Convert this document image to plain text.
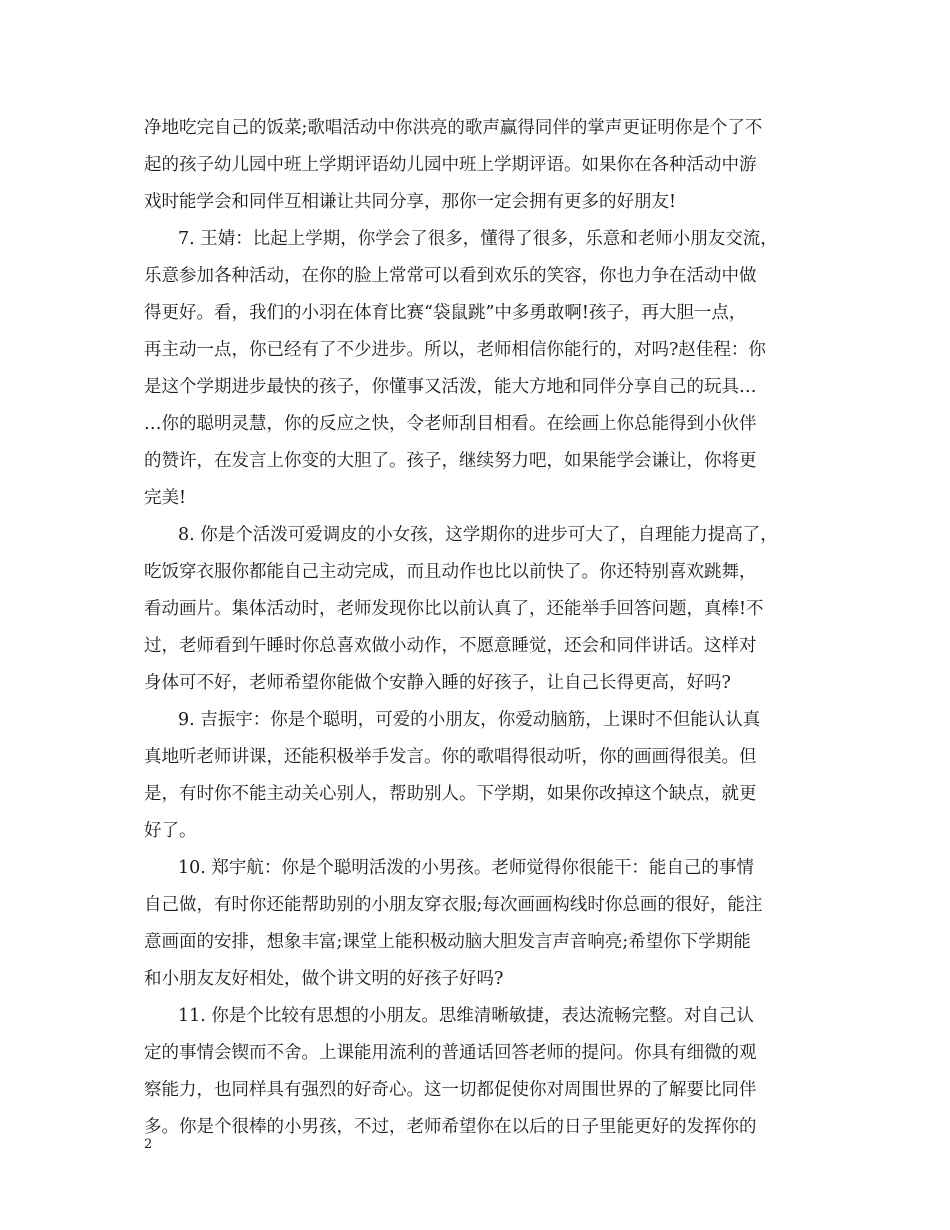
净地吃完自己的饭菜;歌唱活动中你洪亮的歌声赢得同伴的掌声更证明你是个了不
起的孩子幼儿园中班上学期评语幼儿园中班上学期评语。如果你在各种活动中游
戏时能学会和同伴互相谦让共同分享，那你一定会拥有更多的好朋友!
7. 王婧：比起上学期，你学会了很多，懂得了很多，乐意和老师小朋友交流，
乐意参加各种活动，在你的脸上常常可以看到欢乐的笑容，你也力争在活动中做
得更好。看，我们的小羽在体育比赛“袋鼠跳”中多勇敢啊!孩子，再大胆一点，
再主动一点，你已经有了不少进步。所以，老师相信你能行的，对吗?赵佳程：你
是这个学期进步最快的孩子，你懂事又活泼，能大方地和同伴分享自己的玩具…
…你的聪明灵慧，你的反应之快，令老师刮目相看。在绘画上你总能得到小伙伴
的赞许，在发言上你变的大胆了。孩子，继续努力吧，如果能学会谦让，你将更
完美!
8. 你是个活泼可爱调皮的小女孩，这学期你的进步可大了，自理能力提高了，
吃饭穿衣服你都能自己主动完成，而且动作也比以前快了。你还特别喜欢跳舞，
看动画片。集体活动时，老师发现你比以前认真了，还能举手回答问题，真棒!不
过，老师看到午睡时你总喜欢做小动作，不愿意睡觉，还会和同伴讲话。这样对
身体可不好，老师希望你能做个安静入睡的好孩子，让自己长得更高，好吗?
9. 吉振宇：你是个聪明，可爱的小朋友，你爱动脑筋，上课时不但能认认真
真地听老师讲课，还能积极举手发言。你的歌唱得很动听，你的画画得很美。但
是，有时你不能主动关心别人，帮助别人。下学期，如果你改掉这个缺点，就更
好了。
10. 郑宇航：你是个聪明活泼的小男孩。老师觉得你很能干：能自己的事情
自己做，有时你还能帮助别的小朋友穿衣服;每次画画构线时你总画的很好，能注
意画面的安排，想象丰富;课堂上能积极动脑大胆发言声音响亮;希望你下学期能
和小朋友友好相处，做个讲文明的好孩子好吗?
11. 你是个比较有思想的小朋友。思维清晰敏捷，表达流畅完整。对自己认
定的事情会锲而不舍。上课能用流利的普通话回答老师的提问。你具有细微的观
察能力，也同样具有强烈的好奇心。这一切都促使你对周围世界的了解要比同伴
多。你是个很棒的小男孩，不过，老师希望你在以后的日子里能更好的发挥你的
2
